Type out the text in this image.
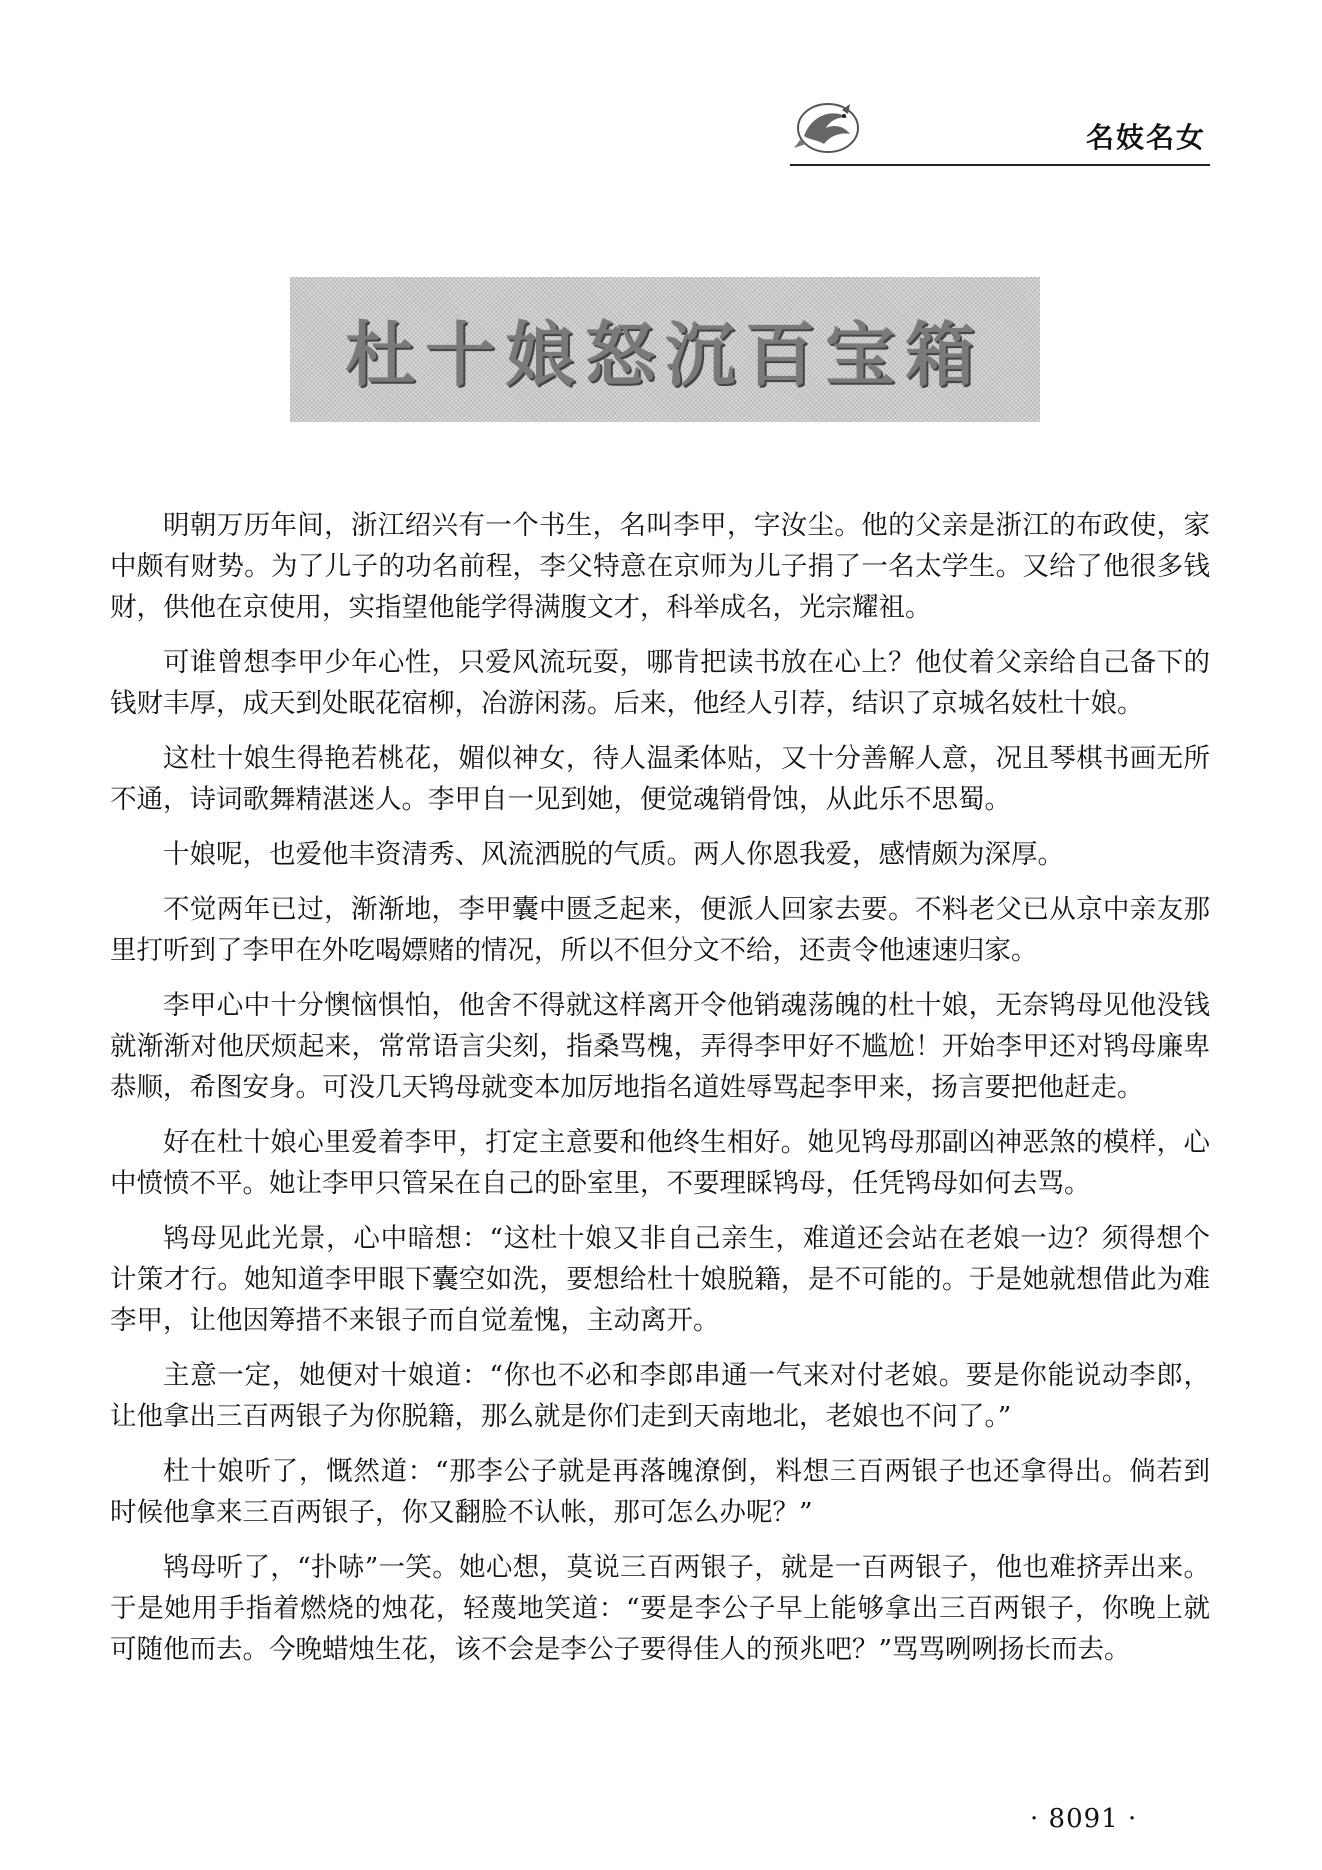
名妓名女
杜十娘怒沉百宝箱

明朝万历年间，浙江绍兴有一个书生，名叫李甲，字汝尘。他的父亲是浙江的布政使，家中颇有财势。为了儿子的功名前程，李父特意在京师为儿子捐了一名太学生。又给了他很多钱财，供他在京使用，实指望他能学得满腹文才，科举成名，光宗耀祖。

可谁曾想李甲少年心性，只爱风流玩耍，哪肯把读书放在心上？他仗着父亲给自己备下的钱财丰厚，成天到处眠花宿柳，冶游闲荡。后来，他经人引荐，结识了京城名妓杜十娘。

这杜十娘生得艳若桃花，媚似神女，待人温柔体贴，又十分善解人意，况且琴棋书画无所不通，诗词歌舞精湛迷人。李甲自一见到她，便觉魂销骨蚀，从此乐不思蜀。

十娘呢，也爱他丰资清秀、风流洒脱的气质。两人你恩我爱，感情颇为深厚。

不觉两年已过，渐渐地，李甲囊中匮乏起来，便派人回家去要。不料老父已从京中亲友那里打听到了李甲在外吃喝嫖赌的情况，所以不但分文不给，还责令他速速归家。

李甲心中十分懊恼惧怕，他舍不得就这样离开令他销魂荡魄的杜十娘，无奈鸨母见他没钱就渐渐对他厌烦起来，常常语言尖刻，指桑骂槐，弄得李甲好不尴尬！开始李甲还对鸨母廉卑恭顺，希图安身。可没几天鸨母就变本加厉地指名道姓辱骂起李甲来，扬言要把他赶走。

好在杜十娘心里爱着李甲，打定主意要和他终生相好。她见鸨母那副凶神恶煞的模样，心中愤愤不平。她让李甲只管呆在自己的卧室里，不要理睬鸨母，任凭鸨母如何去骂。

鸨母见此光景，心中暗想：“这杜十娘又非自己亲生，难道还会站在老娘一边？须得想个计策才行。她知道李甲眼下囊空如洗，要想给杜十娘脱籍，是不可能的。于是她就想借此为难李甲，让他因筹措不来银子而自觉羞愧，主动离开。

主意一定，她便对十娘道：“你也不必和李郎串通一气来对付老娘。要是你能说动李郎，让他拿出三百两银子为你脱籍，那么就是你们走到天南地北，老娘也不问了。”

杜十娘听了，慨然道：“那李公子就是再落魄潦倒，料想三百两银子也还拿得出。倘若到时候他拿来三百两银子，你又翻脸不认帐，那可怎么办呢？”

鸨母听了，“扑哧”一笑。她心想，莫说三百两银子，就是一百两银子，他也难挤弄出来。于是她用手指着燃烧的烛花，轻蔑地笑道：“要是李公子早上能够拿出三百两银子，你晚上就可随他而去。今晚蜡烛生花，该不会是李公子要得佳人的预兆吧？”骂骂咧咧扬长而去。

· 8091 ·
